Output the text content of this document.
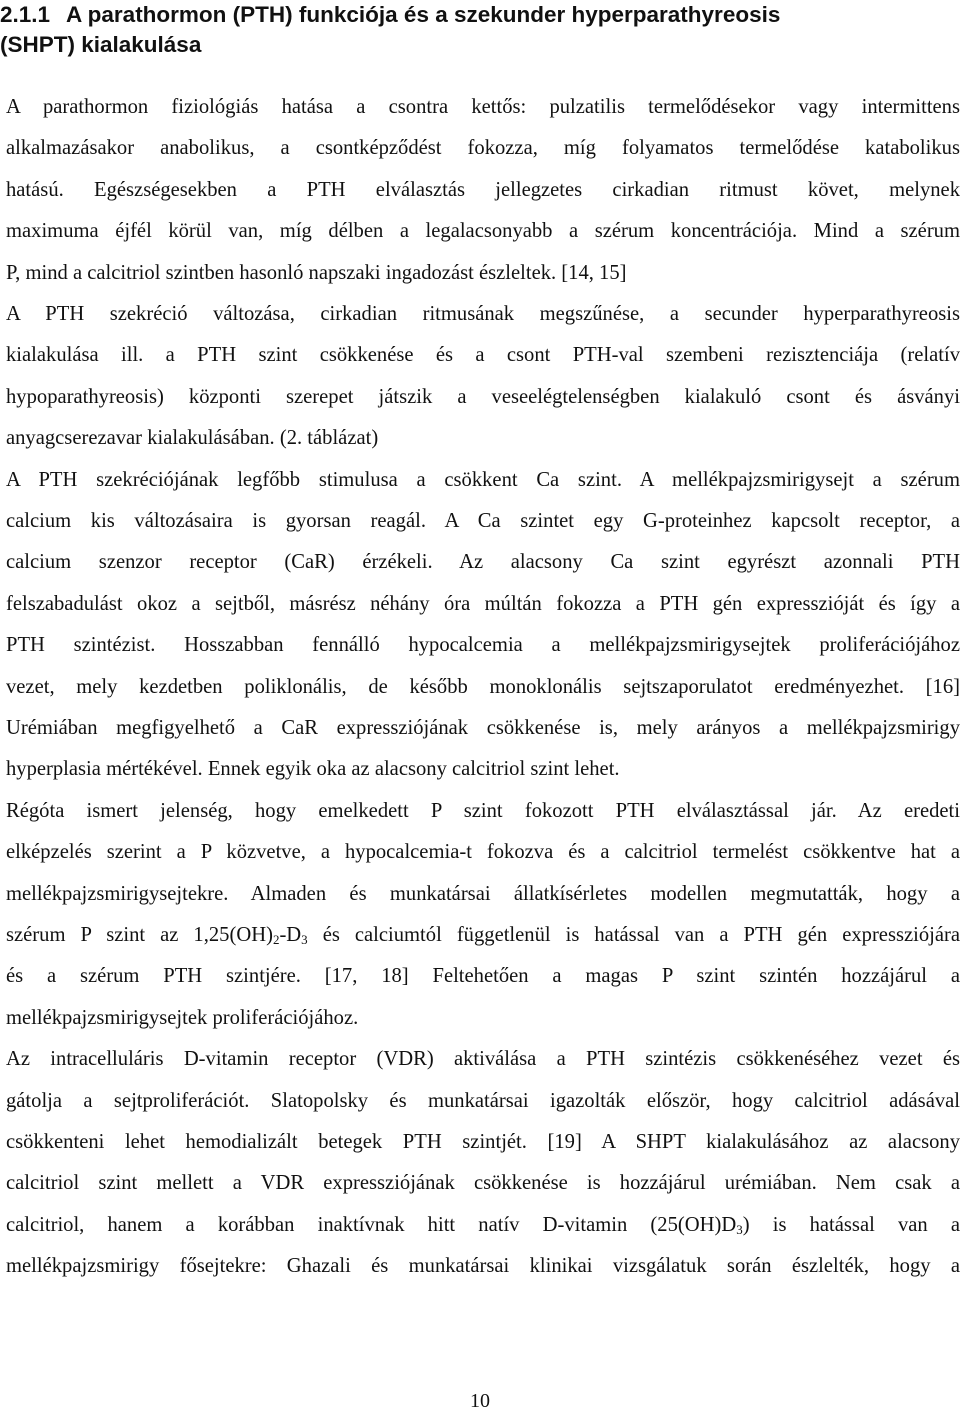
2.1.1 A parathormon (PTH) funkciója és a szekunder hyperparathyreosis
(SHPT) kialakulása
A parathormon fiziológiás hatása a csontra kettős: pulzatilis termelődésekor vagy intermittens
alkalmazásakor anabolikus, a csontképződést fokozza, míg folyamatos termelődése katabolikus
hatású. Egészségesekben a PTH elválasztás jellegzetes cirkadian ritmust követ, melynek
maximuma éjfél körül van, míg délben a legalacsonyabb a szérum koncentrációja. Mind a szérum
P, mind a calcitriol szintben hasonló napszaki ingadozást észleltek. [14, 15]
A PTH szekréció változása, cirkadian ritmusának megszűnése, a secunder hyperparathyreosis
kialakulása ill. a PTH szint csökkenése és a csont PTH-val szembeni rezisztenciája (relatív
hypoparathyreosis) központi szerepet játszik a veseelégtelenségben kialakuló csont és ásványi
anyagcserezavar kialakulásában. (2. táblázat)
A PTH szekréciójának legfőbb stimulusa a csökkent Ca szint. A mellékpajzsmirigysejt a szérum
calcium kis változásaira is gyorsan reagál. A Ca szintet egy G-proteinhez kapcsolt receptor, a
calcium szenzor receptor (CaR) érzékeli. Az alacsony Ca szint egyrészt azonnali PTH
felszabadulást okoz a sejtből, másrész néhány óra múltán fokozza a PTH gén expresszióját és így a
PTH szintézist. Hosszabban fennálló hypocalcemia a mellékpajzsmirigysejtek proliferációjához
vezet, mely kezdetben poliklonális, de később monoklonális sejtszaporulatot eredményezhet. [16]
Urémiában megfigyelhető a CaR expressziójának csökkenése is, mely arányos a mellékpajzsmirigy
hyperplasia mértékével. Ennek egyik oka az alacsony calcitriol szint lehet.
Régóta ismert jelenség, hogy emelkedett P szint fokozott PTH elválasztással jár. Az eredeti
elképzelés szerint a P közvetve, a hypocalcemia-t fokozva és a calcitriol termelést csökkentve hat a
mellékpajzsmirigysejtekre. Almaden és munkatársai állatkísérletes modellen megmutatták, hogy a
szérum P szint az $1,25(OH)_2-D_3$ és calciumtól függetlenül is hatással van a PTH gén expressziójára
és a szérum PTH szintjére. [17, 18] Feltehetően a magas P szint szintén hozzájárul a
mellékpajzsmirigysejtek proliferációjához.
Az intracelluláris D-vitamin receptor (VDR) aktiválása a PTH szintézis csökkenéséhez vezet és
gátolja a sejtproliferációt. Slatopolsky és munkatársai igazolták először, hogy calcitriol adásával
csökkenteni lehet hemodializált betegek PTH szintjét. [19] A SHPT kialakulásához az alacsony
calcitriol szint mellett a VDR expressziójának csökkenése is hozzájárul urémiában. Nem csak a
calcitriol, hanem a korábban inaktívnak hitt natív D-vitamin $(25(OH)D_3)$ is hatással van a
mellékpajzsmirigy fősejtekre: Ghazali és munkatársai klinikai vizsgálatuk során észlelték, hogy a
10
